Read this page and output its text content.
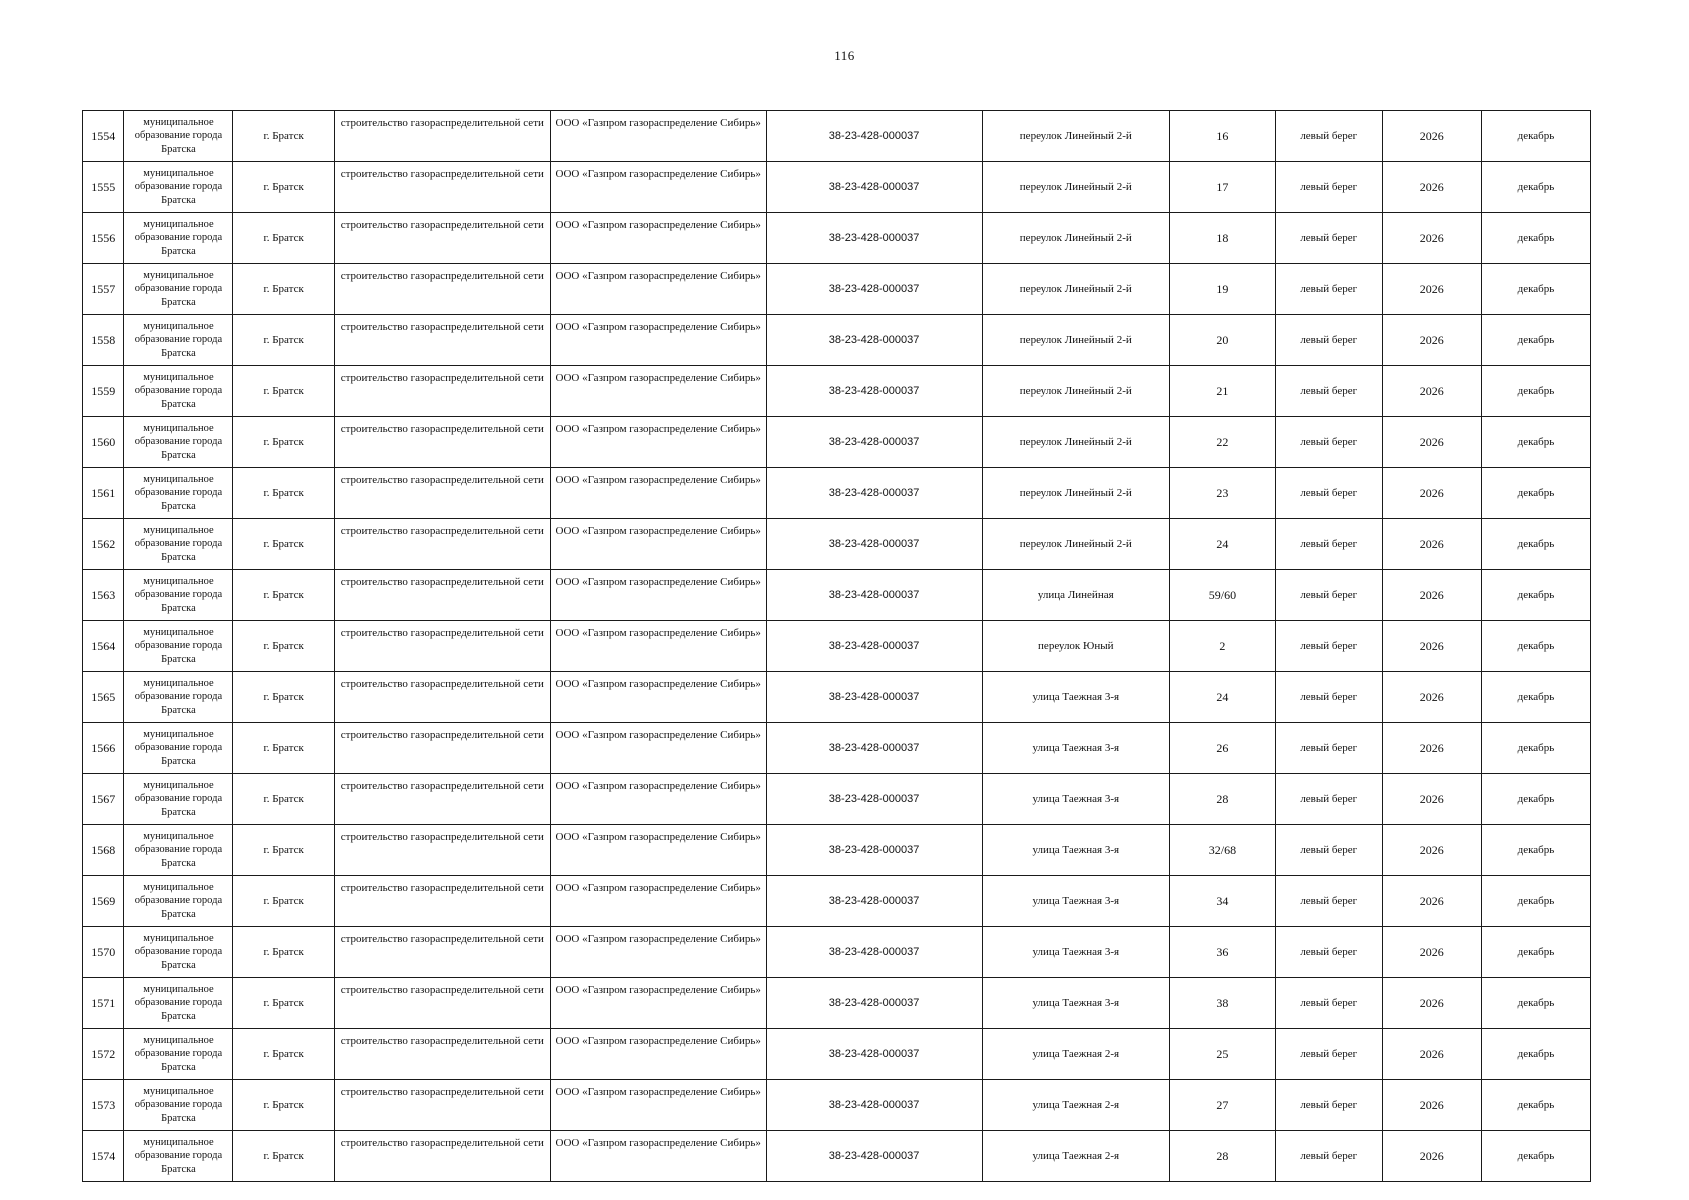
116
1554	муниципальное образование города Братска	г. Братск	строительство газораспределительной сети	ООО «Газпром газораспределение Сибирь»	38-23-428-000037	переулок Линейный 2-й	16	левый берег	2026	декабрь
1555	муниципальное образование города Братска	г. Братск	строительство газораспределительной сети	ООО «Газпром газораспределение Сибирь»	38-23-428-000037	переулок Линейный 2-й	17	левый берег	2026	декабрь
1556	муниципальное образование города Братска	г. Братск	строительство газораспределительной сети	ООО «Газпром газораспределение Сибирь»	38-23-428-000037	переулок Линейный 2-й	18	левый берег	2026	декабрь
1557	муниципальное образование города Братска	г. Братск	строительство газораспределительной сети	ООО «Газпром газораспределение Сибирь»	38-23-428-000037	переулок Линейный 2-й	19	левый берег	2026	декабрь
1558	муниципальное образование города Братска	г. Братск	строительство газораспределительной сети	ООО «Газпром газораспределение Сибирь»	38-23-428-000037	переулок Линейный 2-й	20	левый берег	2026	декабрь
1559	муниципальное образование города Братска	г. Братск	строительство газораспределительной сети	ООО «Газпром газораспределение Сибирь»	38-23-428-000037	переулок Линейный 2-й	21	левый берег	2026	декабрь
1560	муниципальное образование города Братска	г. Братск	строительство газораспределительной сети	ООО «Газпром газораспределение Сибирь»	38-23-428-000037	переулок Линейный 2-й	22	левый берег	2026	декабрь
1561	муниципальное образование города Братска	г. Братск	строительство газораспределительной сети	ООО «Газпром газораспределение Сибирь»	38-23-428-000037	переулок Линейный 2-й	23	левый берег	2026	декабрь
1562	муниципальное образование города Братска	г. Братск	строительство газораспределительной сети	ООО «Газпром газораспределение Сибирь»	38-23-428-000037	переулок Линейный 2-й	24	левый берег	2026	декабрь
1563	муниципальное образование города Братска	г. Братск	строительство газораспределительной сети	ООО «Газпром газораспределение Сибирь»	38-23-428-000037	улица Линейная	59/60	левый берег	2026	декабрь
1564	муниципальное образование города Братска	г. Братск	строительство газораспределительной сети	ООО «Газпром газораспределение Сибирь»	38-23-428-000037	переулок Юный	2	левый берег	2026	декабрь
1565	муниципальное образование города Братска	г. Братск	строительство газораспределительной сети	ООО «Газпром газораспределение Сибирь»	38-23-428-000037	улица Таежная 3-я	24	левый берег	2026	декабрь
1566	муниципальное образование города Братска	г. Братск	строительство газораспределительной сети	ООО «Газпром газораспределение Сибирь»	38-23-428-000037	улица Таежная 3-я	26	левый берег	2026	декабрь
1567	муниципальное образование города Братска	г. Братск	строительство газораспределительной сети	ООО «Газпром газораспределение Сибирь»	38-23-428-000037	улица Таежная 3-я	28	левый берег	2026	декабрь
1568	муниципальное образование города Братска	г. Братск	строительство газораспределительной сети	ООО «Газпром газораспределение Сибирь»	38-23-428-000037	улица Таежная 3-я	32/68	левый берег	2026	декабрь
1569	муниципальное образование города Братска	г. Братск	строительство газораспределительной сети	ООО «Газпром газораспределение Сибирь»	38-23-428-000037	улица Таежная 3-я	34	левый берег	2026	декабрь
1570	муниципальное образование города Братска	г. Братск	строительство газораспределительной сети	ООО «Газпром газораспределение Сибирь»	38-23-428-000037	улица Таежная 3-я	36	левый берег	2026	декабрь
1571	муниципальное образование города Братска	г. Братск	строительство газораспределительной сети	ООО «Газпром газораспределение Сибирь»	38-23-428-000037	улица Таежная 3-я	38	левый берег	2026	декабрь
1572	муниципальное образование города Братска	г. Братск	строительство газораспределительной сети	ООО «Газпром газораспределение Сибирь»	38-23-428-000037	улица Таежная 2-я	25	левый берег	2026	декабрь
1573	муниципальное образование города Братска	г. Братск	строительство газораспределительной сети	ООО «Газпром газораспределение Сибирь»	38-23-428-000037	улица Таежная 2-я	27	левый берег	2026	декабрь
1574	муниципальное образование города Братска	г. Братск	строительство газораспределительной сети	ООО «Газпром газораспределение Сибирь»	38-23-428-000037	улица Таежная 2-я	28	левый берег	2026	декабрь
